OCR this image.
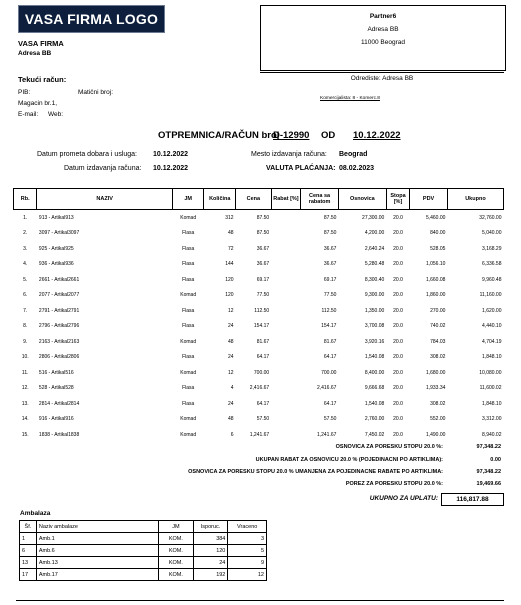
VASA FIRMA LOGO
VASA FIRMA
Adresa BB
Tekući račun:
PIB:	Matični broj:
Magacin br.1,
E-mail: Web:
Partner6
Adresa BB
11000 Beograd
Odrediste: Adresa BB
Komercijalista: 8 - Komerc.8
OTPREMNICA/RAČUN broj
D-12990 OD 10.12.2022
Datum prometa dobara i usluga: 10.12.2022
Datum izdavanja računa: 10.12.2022
Mesto izdavanja računa: Beograd
VALUTA PLAĆANJA: 08.02.2023
Rb.	NAZIV	JM	Količina	Cena	Rabat [%]	Cena sa rabatom	Osnovica	Stopa [%]	PDV	Ukupno
1.	913 - Artikal913	Komad	312	87.50		87.50	27,300.00	20.0	5,460.00	32,760.00
2.	3097 - Artikal3097	Flasa	48	87.50		87.50	4,200.00	20.0	840.00	5,040.00
3.	925 - Artikal925	Flasa	72	36.67		36.67	2,640.24	20.0	528.05	3,168.29
4.	936 - Artikal936	Flasa	144	36.67		36.67	5,280.48	20.0	1,056.10	6,336.58
5.	2661 - Artikal2661	Flasa	120	69.17		69.17	8,300.40	20.0	1,660.08	9,960.48
6.	2077 - Artikal2077	Komad	120	77.50		77.50	9,300.00	20.0	1,860.00	11,160.00
7.	2791 - Artikal2791	Flasa	12	112.50		112.50	1,350.00	20.0	270.00	1,620.00
8.	2796 - Artikal2796	Flasa	24	154.17		154.17	3,700.08	20.0	740.02	4,440.10
9.	2163 - Artikal2163	Komad	48	81.67		81.67	3,920.16	20.0	784.03	4,704.19
10.	2806 - Artikal2806	Flasa	24	64.17		64.17	1,540.08	20.0	308.02	1,848.10
11.	516 - Artikal516	Komad	12	700.00		700.00	8,400.00	20.0	1,680.00	10,080.00
12.	528 - Artikal528	Flasa	4	2,416.67		2,416.67	9,666.68	20.0	1,933.34	11,600.02
13.	2814 - Artikal2814	Flasa	24	64.17		64.17	1,540.08	20.0	308.02	1,848.10
14.	916 - Artikal916	Komad	48	57.50		57.50	2,760.00	20.0	552.00	3,312.00
15.	1838 - Artikal1838	Komad	6	1,241.67		1,241.67	7,450.02	20.0	1,490.00	8,940.02
OSNOVICA ZA PORESKU STOPU 20.0 %:	97,348.22
UKUPAN RABAT ZA OSNOVICU 20.0 % (POJEDINACNI PO ARTIKLIMA):	0.00
OSNOVICA ZA PORESKU STOPU 20.0 % UMANJENA ZA POJEDINACNE RABATE PO ARTIKLIMA:	97,348.22
POREZ ZA PORESKU STOPU 20.0 %:	19,469.66
UKUPNO ZA UPLATU:	116,817.88
Ambalaza
Šf.	Naziv ambalaze	JM	Isporuc.	Vraceno
1	Amb.1	KOM.	384	3
6	Amb.6	KOM.	120	5
13	Amb.13	KOM.	24	9
17	Amb.17	KOM.	192	12
